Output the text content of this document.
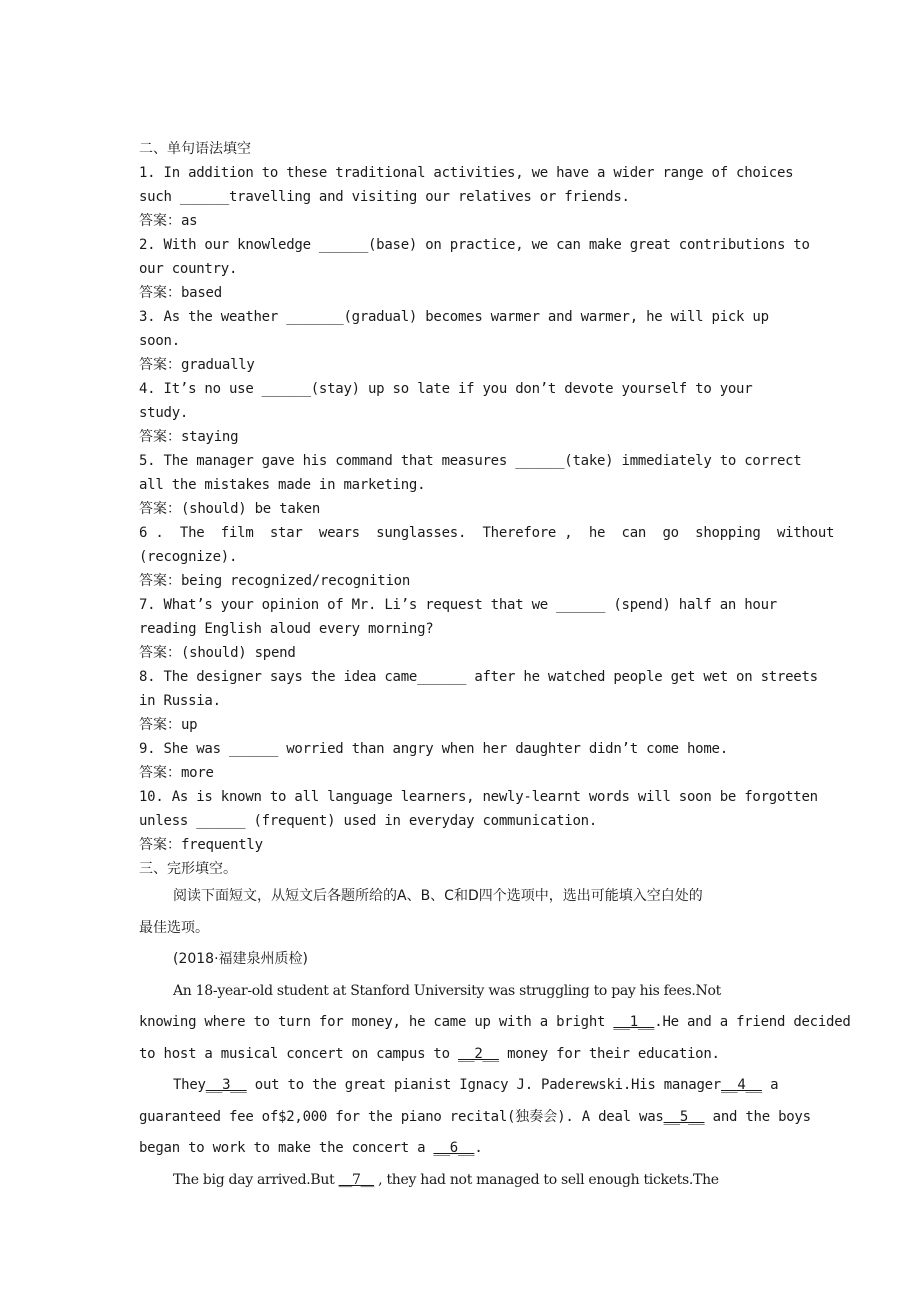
二、单句语法填空
1. In addition to these traditional activities, we have a wider range of choices
such ______travelling and visiting our relatives or friends.
答案：as
2. With our knowledge ______(base) on practice, we can make great contributions to
our country.
答案：based
3. As the weather _______(gradual) becomes warmer and warmer, he will pick up
soon.
答案：gradually
4. It’s no use ______(stay) up so late if you don’t devote yourself to your
study.
答案：staying
5. The manager gave his command that measures ______(take) immediately to correct
all the mistakes made in marketing.
答案：(should) be taken
6 .  The  film  star  wears  sunglasses.  Therefore ,  he  can  go  shopping  without
(recognize).
答案：being recognized/recognition
7. What’s your opinion of Mr. Li’s request that we ______ (spend) half an hour
reading English aloud every morning?
答案：(should) spend
8. The designer says the idea came______ after he watched people get wet on streets
in Russia.
答案：up
9. She was ______ worried than angry when her daughter didn’t come home.
答案：more
10. As is known to all language learners, newly-learnt words will soon be forgotten
unless ______ (frequent) used in everyday communication.
答案：frequently
三、完形填空。
阅读下面短文，从短文后各题所给的A、B、C和D四个选项中，选出可能填入空白处的
最佳选项。
(2018·福建泉州质检)
An 18-year-old student at Stanford University was struggling to pay his fees.Not
knowing where to turn for money, he came up with a bright __1__.He and a friend decided
to host a musical concert on campus to __2__ money for their education.
They__3__ out to the great pianist Ignacy J. Paderewski.His manager__4__ a
guaranteed fee of$2,000 for the piano recital(独奏会). A deal was__5__ and the boys
began to work to make the concert a __6__.
The big day arrived.But __7__ , they had not managed to sell enough tickets.The
